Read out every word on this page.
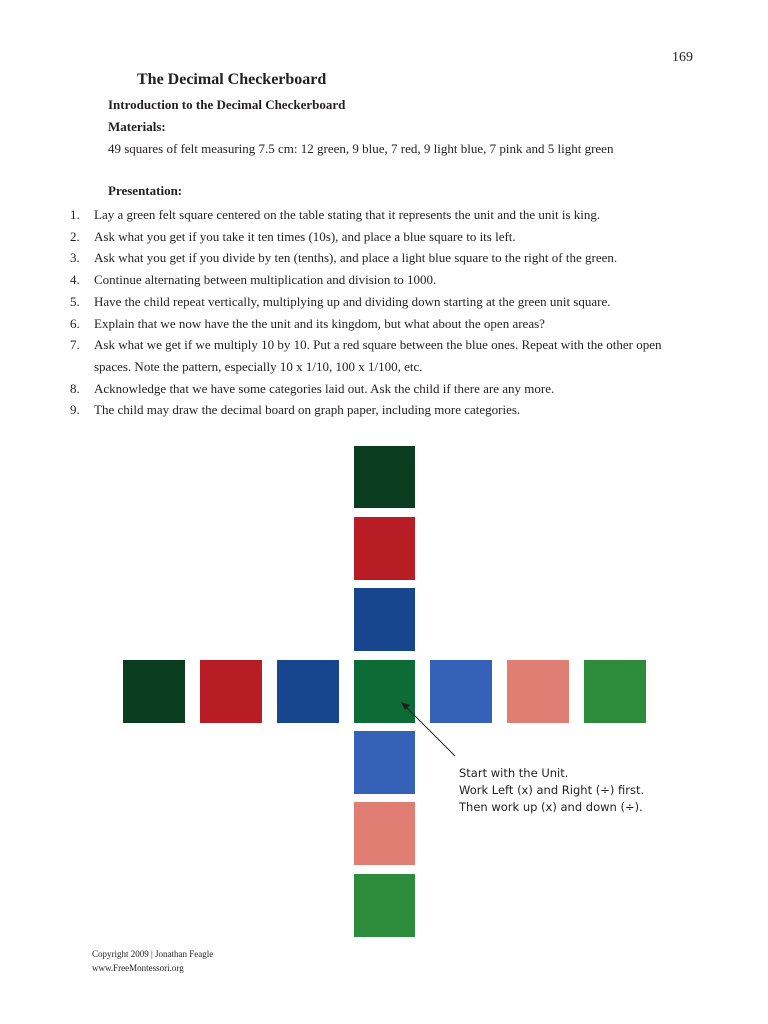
169
The Decimal Checkerboard
Introduction to the Decimal Checkerboard
Materials:
49 squares of felt measuring 7.5 cm: 12 green, 9 blue, 7 red, 9 light blue, 7 pink and 5 light green
Presentation:
1. Lay a green felt square centered on the table stating that it represents the unit and the unit is king.
2. Ask what you get if you take it ten times (10s), and place a blue square to its left.
3. Ask what you get if you divide by ten (tenths), and place a light blue square to the right of the green.
4. Continue alternating between multiplication and division to 1000.
5. Have the child repeat vertically, multiplying up and dividing down starting at the green unit square.
6. Explain that we now have the the unit and its kingdom, but what about the open areas?
7. Ask what we get if we multiply 10 by 10. Put a red square between the blue ones. Repeat with the other open spaces. Note the pattern, especially 10 x 1/10, 100 x 1/100, etc.
8. Acknowledge that we have some categories laid out. Ask the child if there are any more.
9. The child may draw the decimal board on graph paper, including more categories.
Start with the Unit.
Work Left (x) and Right (÷) first.
Then work up (x) and down (÷).
Copyright 2009 | Jonathan Feagle
www.FreeMontessori.org
